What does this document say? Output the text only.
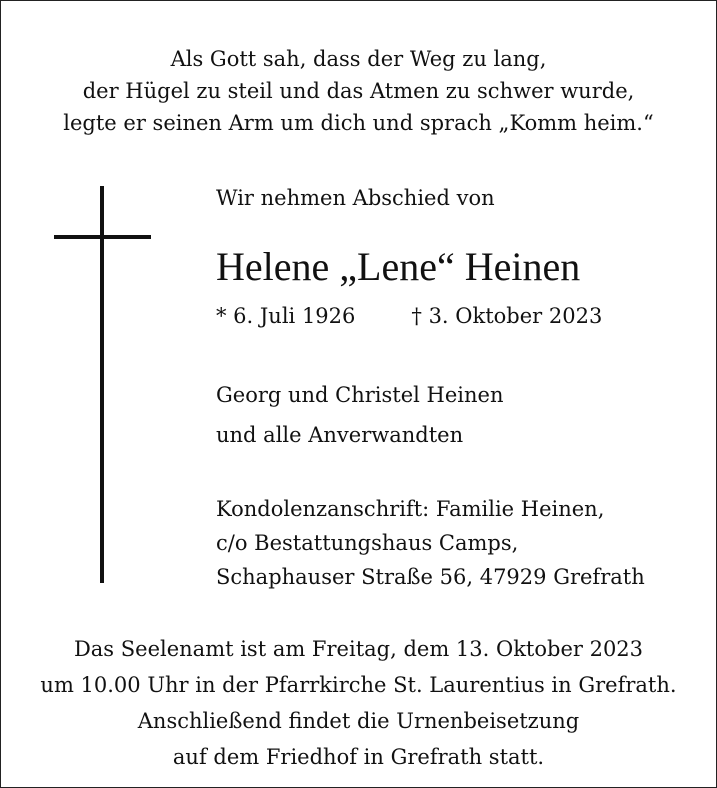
Als Gott sah, dass der Weg zu lang,
der Hügel zu steil und das Atmen zu schwer wurde,
legte er seinen Arm um dich und sprach „Komm heim.“
Wir nehmen Abschied von
Helene „Lene“ Heinen
* 6. Juli 1926	† 3. Oktober 2023
Georg und Christel Heinen
und alle Anverwandten
Kondolenzanschrift: Familie Heinen,
c/o Bestattungshaus Camps,
Schaphauser Straße 56, 47929 Grefrath
Das Seelenamt ist am Freitag, dem 13. Oktober 2023
um 10.00 Uhr in der Pfarrkirche St. Laurentius in Grefrath.
Anschließend findet die Urnenbeisetzung
auf dem Friedhof in Grefrath statt.
